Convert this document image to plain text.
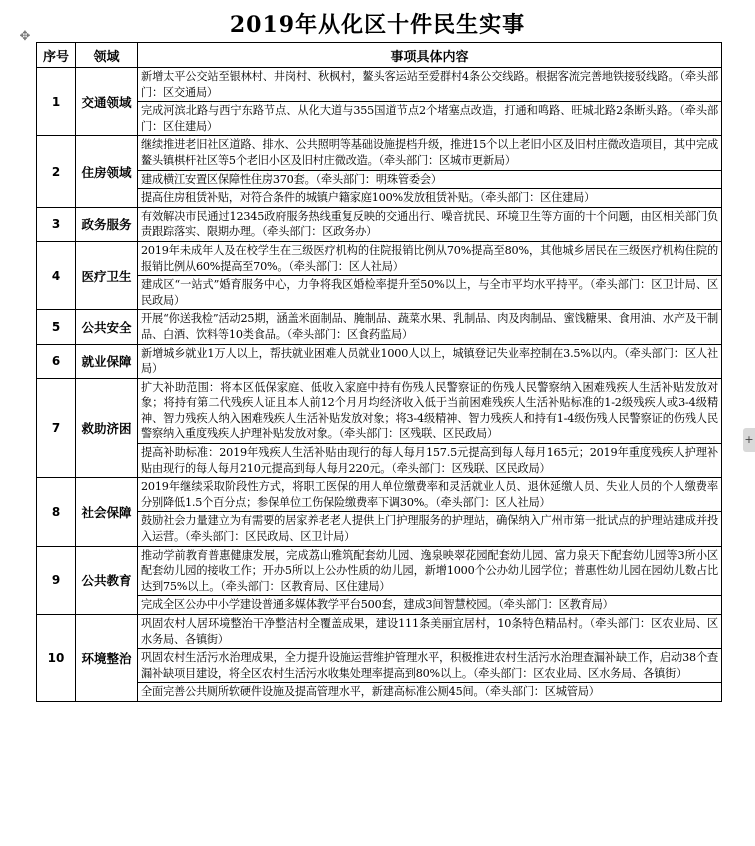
2019年从化区十件民生实事
✥
+
序号	领域	事项具体内容
1	交通领域	新增太平公交站至银林村、井岗村、秋枫村，鳌头客运站至爱群村4条公交线路。根据客流完善地铁接驳线路。（牵头部门：区交通局）
		完成河滨北路与西宁东路节点、从化大道与355国道节点2个堵塞点改造，打通和鸣路、旺城北路2条断头路。（牵头部门：区住建局）
2	住房领域	继续推进老旧社区道路、排水、公共照明等基础设施提档升级，推进15个以上老旧小区及旧村庄微改造项目，其中完成鳌头镇棋杆社区等5个老旧小区及旧村庄微改造。（牵头部门：区城市更新局）
		建成横江安置区保障性住房370套。（牵头部门：明珠管委会）
		提高住房租赁补贴，对符合条件的城镇户籍家庭100%发放租赁补贴。（牵头部门：区住建局）
3	政务服务	有效解决市民通过12345政府服务热线重复反映的交通出行、噪音扰民、环境卫生等方面的十个问题，由区相关部门负责跟踪落实、限期办理。（牵头部门：区政务办）
4	医疗卫生	2019年未成年人及在校学生在三级医疗机构的住院报销比例从70%提高至80%，其他城乡居民在三级医疗机构住院的报销比例从60%提高至70%。（牵头部门：区人社局）
		建成区“一站式”婚育服务中心，力争将我区婚检率提升至50%以上，与全市平均水平持平。（牵头部门：区卫计局、区民政局）
5	公共安全	开展“你送我检”活动25期，涵盖米面制品、腌制品、蔬菜水果、乳制品、肉及肉制品、蜜饯糖果、食用油、水产及干制品、白酒、饮料等10类食品。（牵头部门：区食药监局）
6	就业保障	新增城乡就业1万人以上，帮扶就业困难人员就业1000人以上，城镇登记失业率控制在3.5%以内。（牵头部门：区人社局）
7	救助济困	扩大补助范围：将本区低保家庭、低收入家庭中持有伤残人民警察证的伤残人民警察纳入困难残疾人生活补贴发放对象；将持有第二代残疾人证且本人前12个月月均经济收入低于当前困难残疾人生活补贴标准的1-2级残疾人或3-4级精神、智力残疾人纳入困难残疾人生活补贴发放对象；将3-4级精神、智力残疾人和持有1-4级伤残人民警察证的伤残人民警察纳入重度残疾人护理补贴发放对象。（牵头部门：区残联、区民政局）
		提高补助标准：2019年残疾人生活补贴由现行的每人每月157.5元提高到每人每月165元；2019年重度残疾人护理补贴由现行的每人每月210元提高到每人每月220元。（牵头部门：区残联、区民政局）
8	社会保障	2019年继续采取阶段性方式，将职工医保的用人单位缴费率和灵活就业人员、退休延缴人员、失业人员的个人缴费率分别降低1.5个百分点；参保单位工伤保险缴费率下调30%。（牵头部门：区人社局）
		鼓励社会力量建立为有需要的居家养老老人提供上门护理服务的护理站，确保纳入广州市第一批试点的护理站建成并投入运营。（牵头部门：区民政局、区卫计局）
9	公共教育	推动学前教育普惠健康发展，完成荔山雅筑配套幼儿园、逸泉映翠花园配套幼儿园、富力泉天下配套幼儿园等3所小区配套幼儿园的接收工作；开办5所以上公办性质的幼儿园，新增1000个公办幼儿园学位；普惠性幼儿园在园幼儿数占比达到75%以上。（牵头部门：区教育局、区住建局）
		完成全区公办中小学建设普通多媒体教学平台500套，建成3间智慧校园。（牵头部门：区教育局）
10	环境整治	巩固农村人居环境整治干净整洁村全覆盖成果，建设111条美丽宜居村，10条特色精品村。（牵头部门：区农业局、区水务局、各镇街）
		巩固农村生活污水治理成果，全力提升设施运营维护管理水平，积极推进农村生活污水治理查漏补缺工作，启动38个查漏补缺项目建设，将全区农村生活污水收集处理率提高到80%以上。（牵头部门：区农业局、区水务局、各镇街）
		全面完善公共厕所软硬件设施及提高管理水平，新建高标准公厕45间。（牵头部门：区城管局）
